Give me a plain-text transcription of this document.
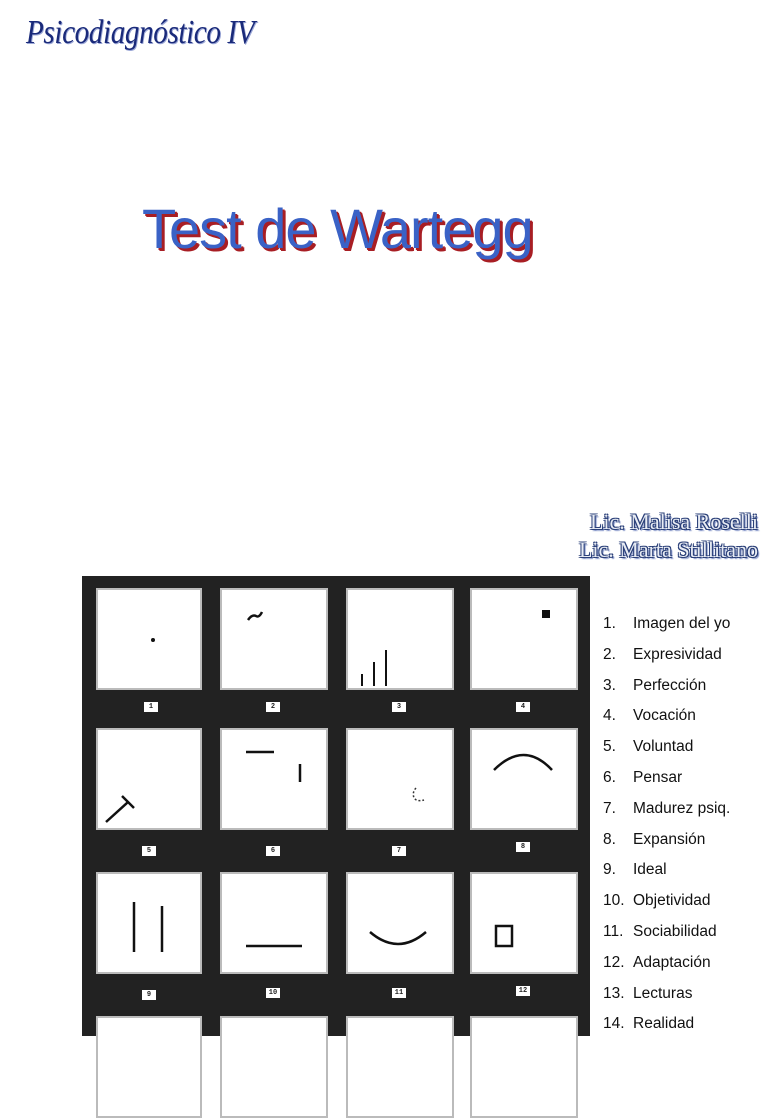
Psicodiagnóstico IV
Test de Wartegg
Lic. Malisa Roselli
Lic. Marta Stillitano
1	2	3	4
5	6	7	8
9	10	11	12
1. Imagen del yo
2. Expresividad
3. Perfección
4. Vocación
5. Voluntad
6. Pensar
7. Madurez psiq.
8. Expansión
9. Ideal
10. Objetividad
11. Sociabilidad
12. Adaptación
13. Lecturas
14. Realidad
